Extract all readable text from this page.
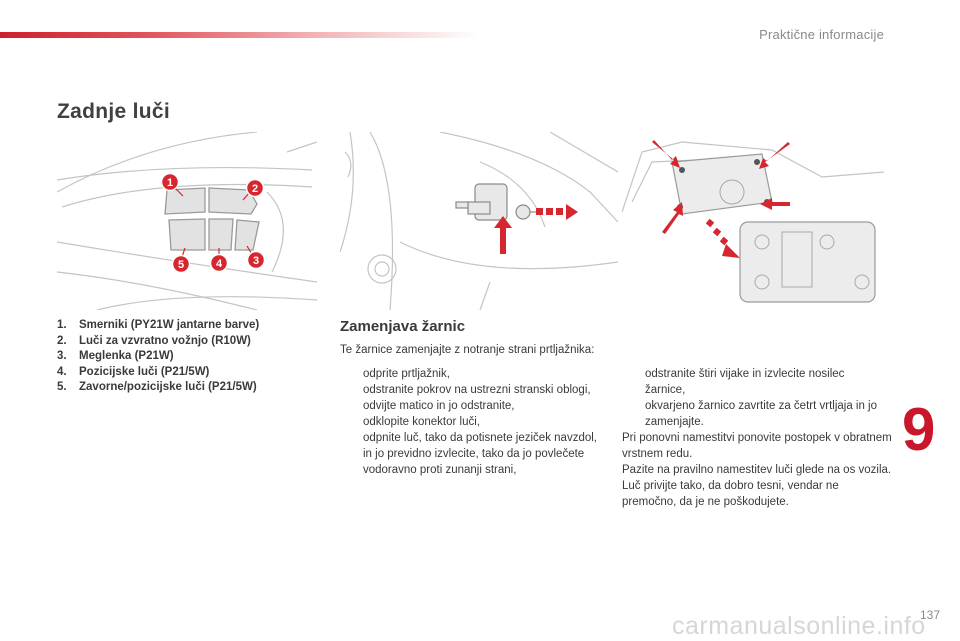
Praktične informacije
Zadnje luči
1	2
3
4
5
1. Smerniki (PY21W jantarne barve)
2. Luči za vzvratno vožnjo (R10W)
3. Meglenka (P21W)
4. Pozicijske luči (P21/5W)
5. Zavorne/pozicijske luči (P21/5W)
Zamenjava žarnic
Te žarnice zamenjajte z notranje strani prtljažnika:
odprite prtljažnik,
odstranite pokrov na ustrezni stranski oblogi,
odvijte matico in jo odstranite,
odklopite konektor luči,
odpnite luč, tako da potisnete jeziček navzdol, in jo previdno izvlecite, tako da jo povlečete vodoravno proti zunanji strani,
odstranite štiri vijake in izvlecite nosilec žarnice,
okvarjeno žarnico zavrtite za četrt vrtljaja in jo zamenjajte.

Pri ponovni namestitvi ponovite postopek v obratnem vrstnem redu.

Pazite na pravilno namestitev luči glede na os vozila.

Luč privijte tako, da dobro tesni, vendar ne premočno, da je ne poškodujete.

9
137
carmanualsonline.info
